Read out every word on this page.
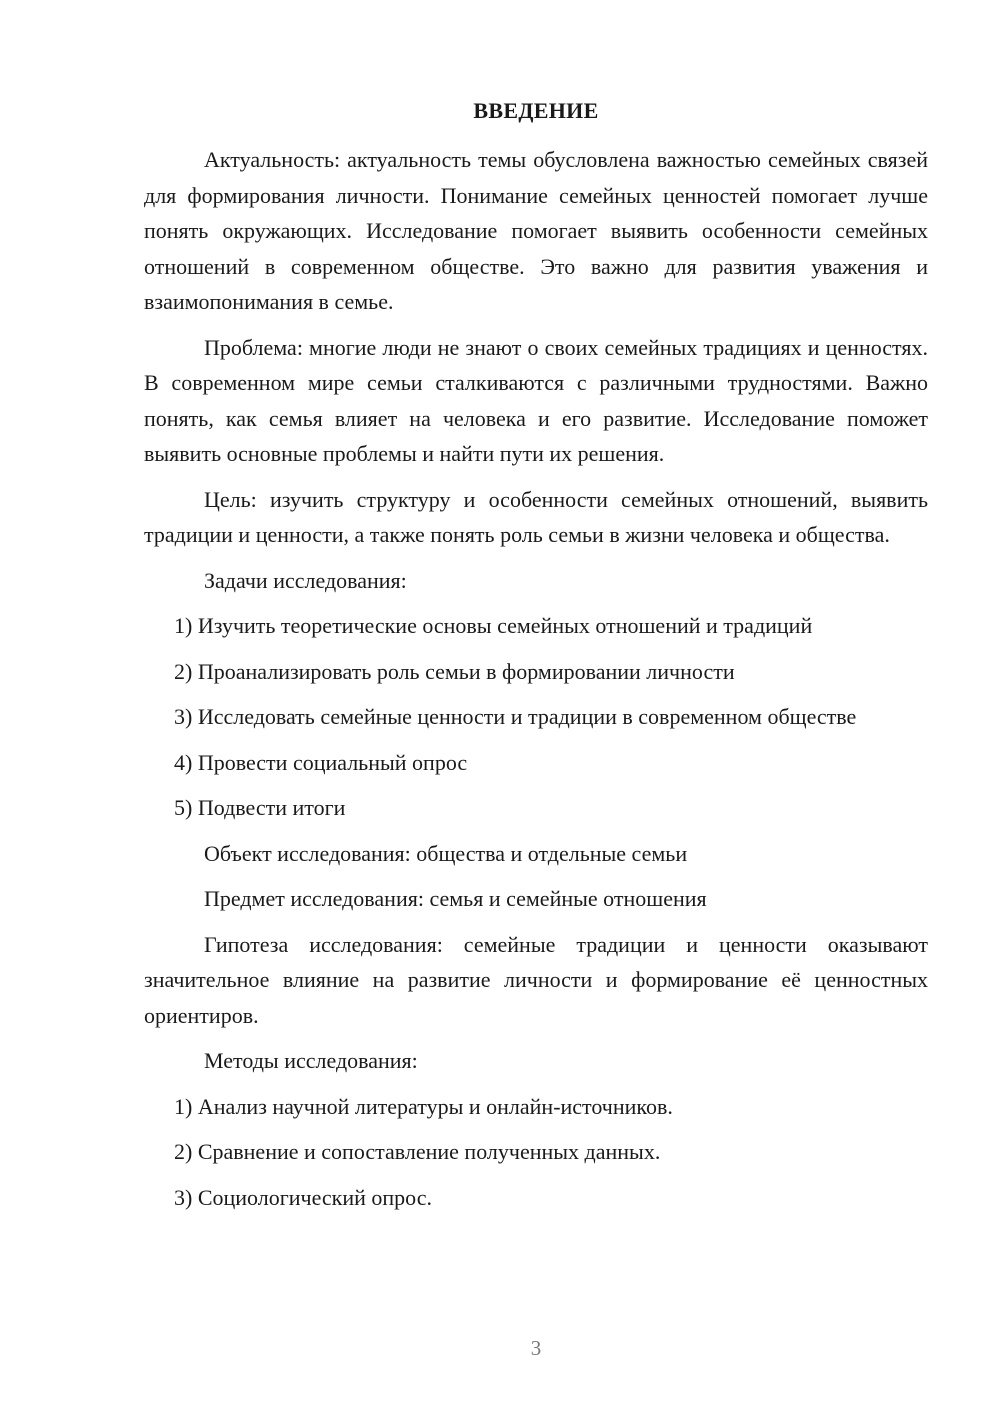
ВВЕДЕНИЕ

Актуальность: актуальность темы обусловлена важностью семейных связей для формирования личности. Понимание семейных ценностей помогает лучше понять окружающих. Исследование помогает выявить особенности семейных отношений в современном обществе. Это важно для развития уважения и взаимопонимания в семье.

Проблема: многие люди не знают о своих семейных традициях и ценностях. В современном мире семьи сталкиваются с различными трудностями. Важно понять, как семья влияет на человека и его развитие. Исследование поможет выявить основные проблемы и найти пути их решения.

Цель: изучить структуру и особенности семейных отношений, выявить традиции и ценности, а также понять роль семьи в жизни человека и общества.

Задачи исследования:

1) Изучить теоретические основы семейных отношений и традиций

2) Проанализировать роль семьи в формировании личности

3) Исследовать семейные ценности и традиции в современном обществе

4) Провести социальный опрос

5) Подвести итоги

Объект исследования: общества и отдельные семьи

Предмет исследования: семья и семейные отношения

Гипотеза исследования: семейные традиции и ценности оказывают значительное влияние на развитие личности и формирование её ценностных ориентиров.

Методы исследования:

1) Анализ научной литературы и онлайн-источников.

2) Сравнение и сопоставление полученных данных.

3) Социологический опрос.

3
